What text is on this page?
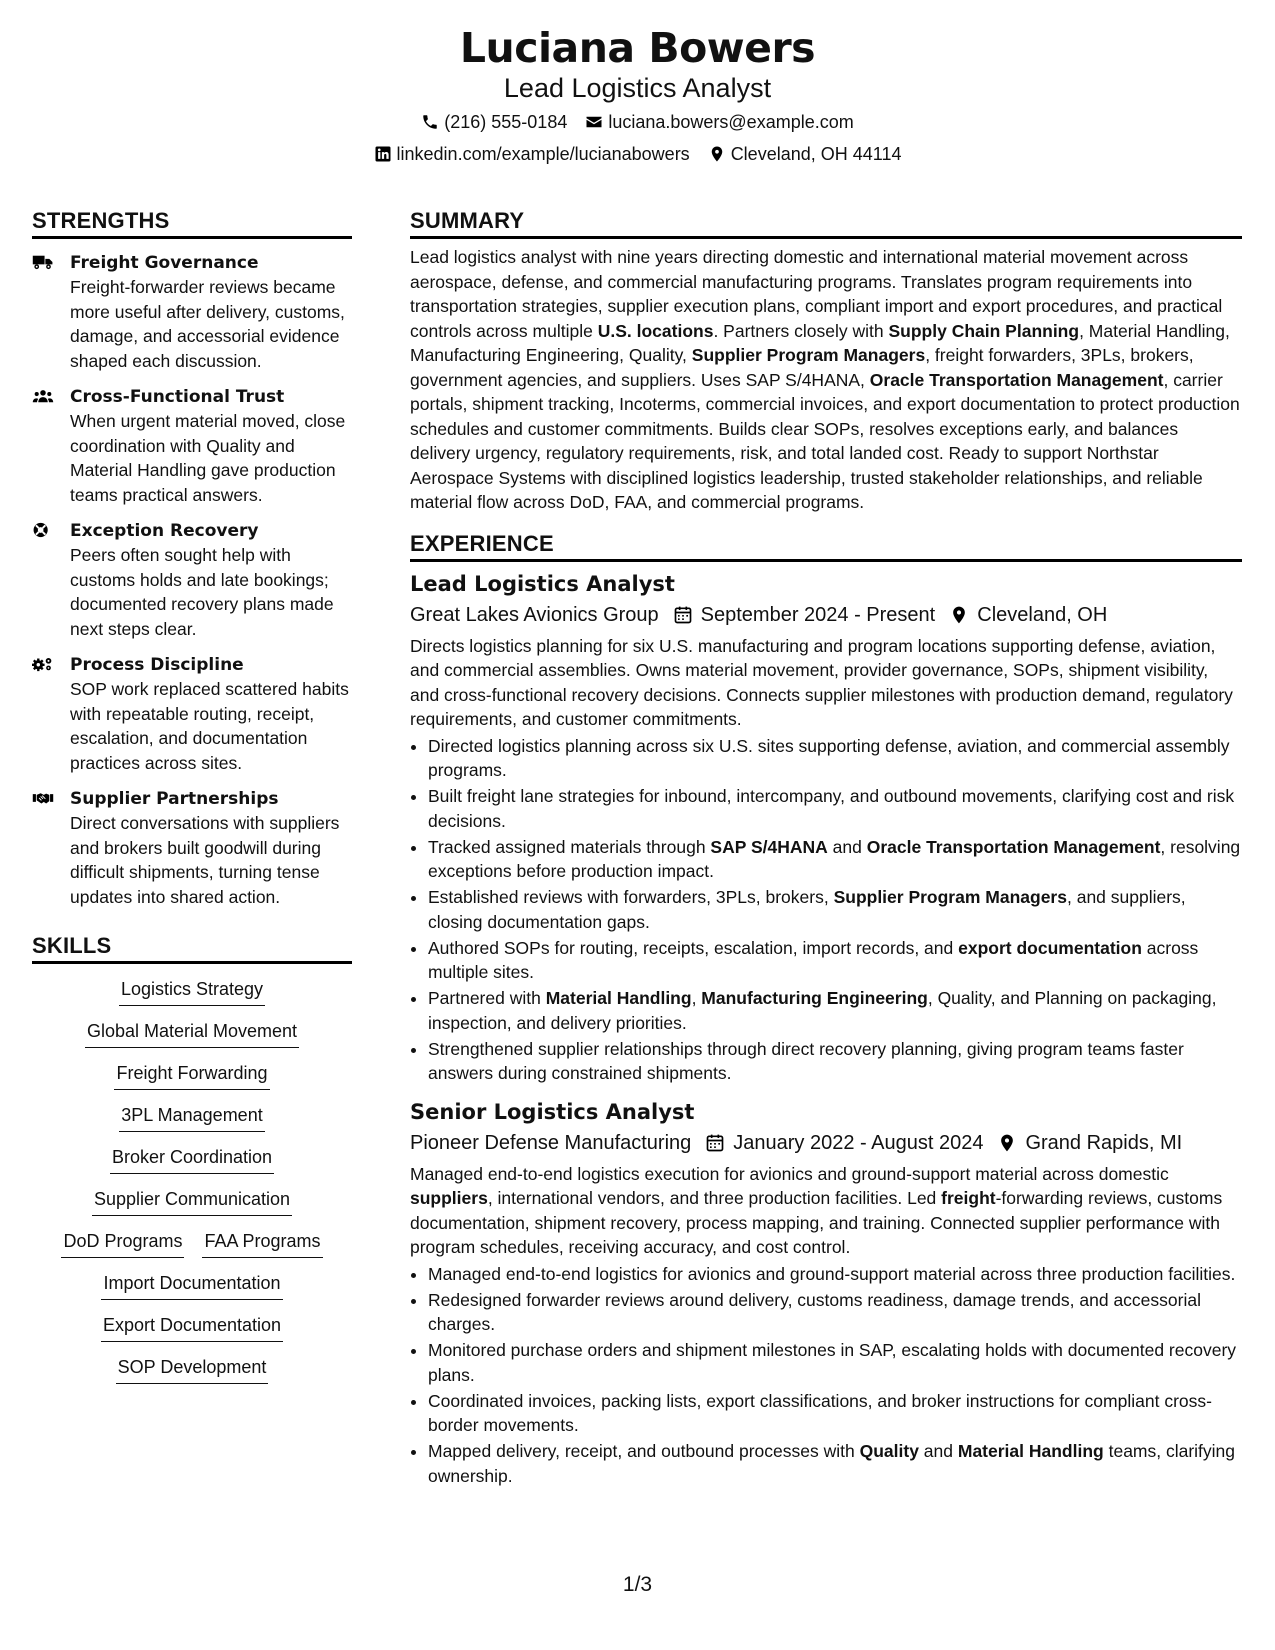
Luciana Bowers
Lead Logistics Analyst
(216) 555-0184 luciana.bowers@example.com
linkedin.com/example/lucianabowers Cleveland, OH 44114
STRENGTHS
Freight Governance
Freight-forwarder reviews became more useful after delivery, customs, damage, and accessorial evidence shaped each discussion.
Cross-Functional Trust
When urgent material moved, close coordination with Quality and Material Handling gave production teams practical answers.
Exception Recovery
Peers often sought help with customs holds and late bookings; documented recovery plans made next steps clear.
Process Discipline
SOP work replaced scattered habits with repeatable routing, receipt, escalation, and documentation practices across sites.
Supplier Partnerships
Direct conversations with suppliers and brokers built goodwill during difficult shipments, turning tense updates into shared action.
SKILLS
Logistics Strategy
Global Material Movement
Freight Forwarding
3PL Management
Broker Coordination
Supplier Communication
DoD Programs FAA Programs
Import Documentation
Export Documentation
SOP Development
SUMMARY
Lead logistics analyst with nine years directing domestic and international material movement across aerospace, defense, and commercial manufacturing programs. Translates program requirements into transportation strategies, supplier execution plans, compliant import and export procedures, and practical controls across multiple U.S. locations. Partners closely with Supply Chain Planning, Material Handling, Manufacturing Engineering, Quality, Supplier Program Managers, freight forwarders, 3PLs, brokers, government agencies, and suppliers. Uses SAP S/4HANA, Oracle Transportation Management, carrier portals, shipment tracking, Incoterms, commercial invoices, and export documentation to protect production schedules and customer commitments. Builds clear SOPs, resolves exceptions early, and balances delivery urgency, regulatory requirements, risk, and total landed cost. Ready to support Northstar Aerospace Systems with disciplined logistics leadership, trusted stakeholder relationships, and reliable material flow across DoD, FAA, and commercial programs.
EXPERIENCE
Lead Logistics Analyst
Great Lakes Avionics Group September 2024 - Present Cleveland, OH
Directs logistics planning for six U.S. manufacturing and program locations supporting defense, aviation, and commercial assemblies. Owns material movement, provider governance, SOPs, shipment visibility, and cross-functional recovery decisions. Connects supplier milestones with production demand, regulatory requirements, and customer commitments.
• Directed logistics planning across six U.S. sites supporting defense, aviation, and commercial assembly programs.
• Built freight lane strategies for inbound, intercompany, and outbound movements, clarifying cost and risk decisions.
• Tracked assigned materials through SAP S/4HANA and Oracle Transportation Management, resolving exceptions before production impact.
• Established reviews with forwarders, 3PLs, brokers, Supplier Program Managers, and suppliers, closing documentation gaps.
• Authored SOPs for routing, receipts, escalation, import records, and export documentation across multiple sites.
• Partnered with Material Handling, Manufacturing Engineering, Quality, and Planning on packaging, inspection, and delivery priorities.
• Strengthened supplier relationships through direct recovery planning, giving program teams faster answers during constrained shipments.
Senior Logistics Analyst
Pioneer Defense Manufacturing January 2022 - August 2024 Grand Rapids, MI
Managed end-to-end logistics execution for avionics and ground-support material across domestic suppliers, international vendors, and three production facilities. Led freight-forwarding reviews, customs documentation, shipment recovery, process mapping, and training. Connected supplier performance with program schedules, receiving accuracy, and cost control.
• Managed end-to-end logistics for avionics and ground-support material across three production facilities.
• Redesigned forwarder reviews around delivery, customs readiness, damage trends, and accessorial charges.
• Monitored purchase orders and shipment milestones in SAP, escalating holds with documented recovery plans.
• Coordinated invoices, packing lists, export classifications, and broker instructions for compliant cross-border movements.
• Mapped delivery, receipt, and outbound processes with Quality and Material Handling teams, clarifying ownership.
1/3
